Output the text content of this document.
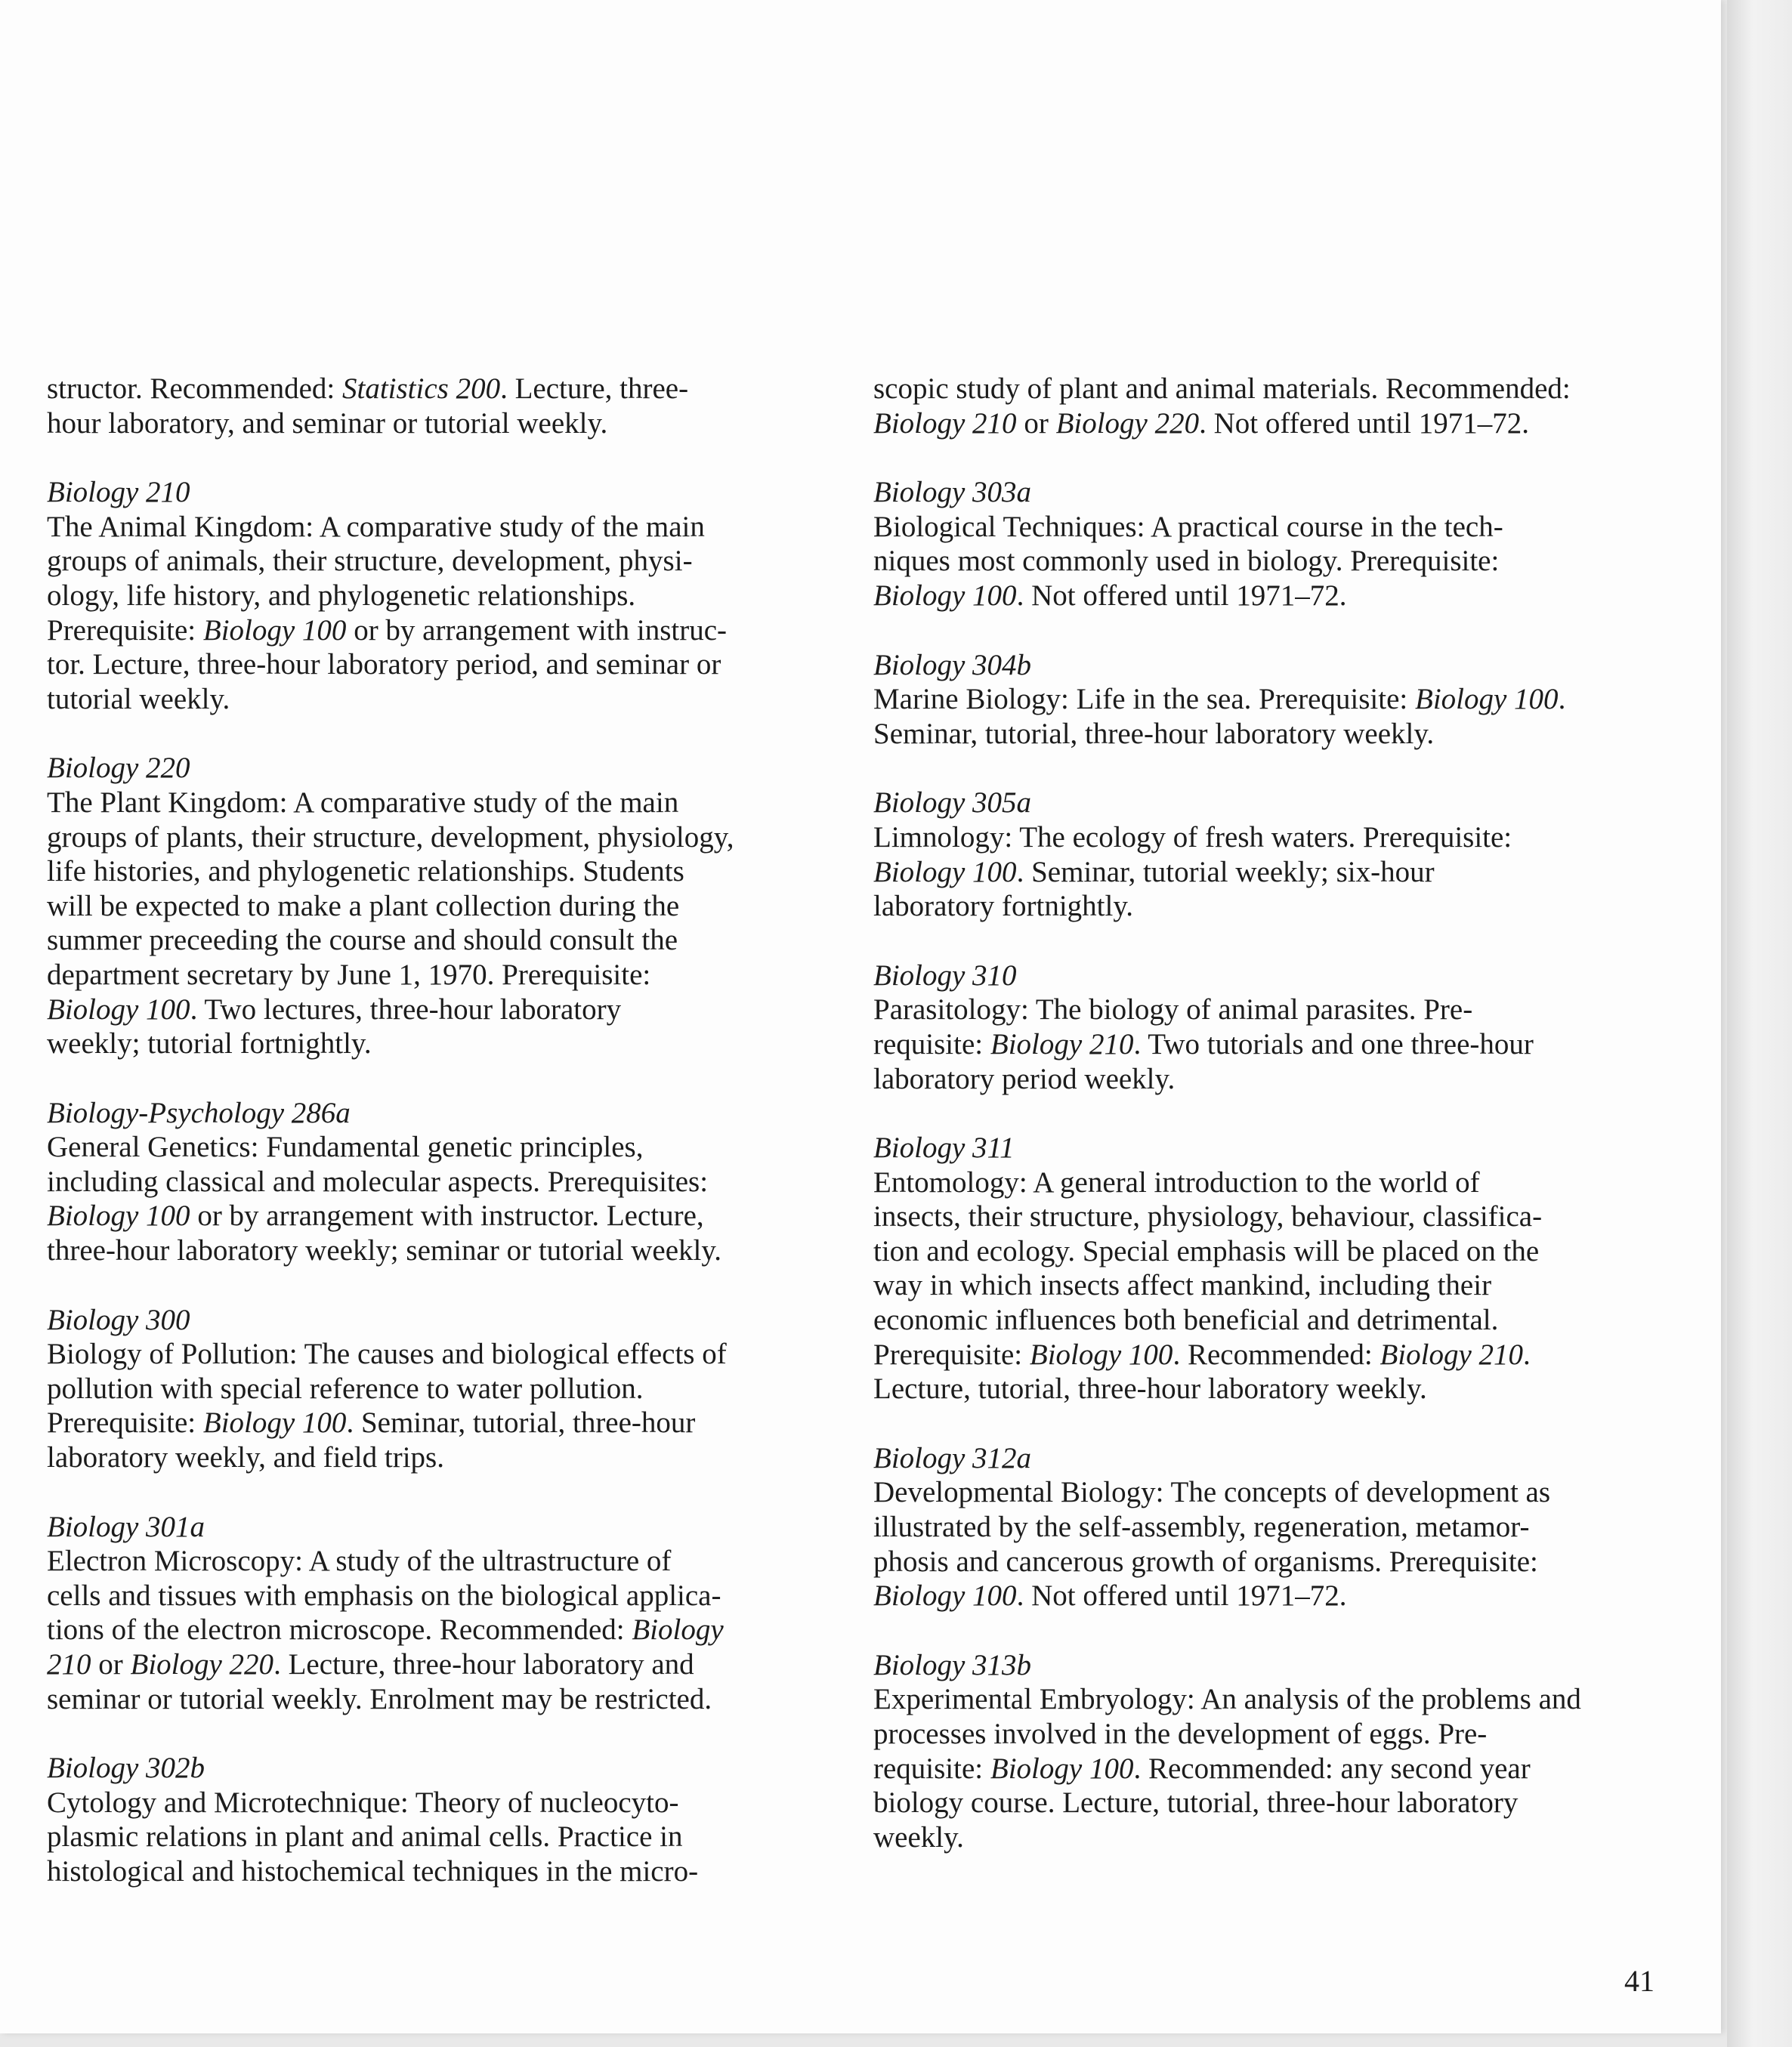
structor. Recommended: Statistics 200. Lecture, three-
hour laboratory, and seminar or tutorial weekly.
Biology 210
The Animal Kingdom: A comparative study of the main
groups of animals, their structure, development, physi-
ology, life history, and phylogenetic relationships.
Prerequisite: Biology 100 or by arrangement with instruc-
tor. Lecture, three-hour laboratory period, and seminar or
tutorial weekly.
Biology 220
The Plant Kingdom: A comparative study of the main
groups of plants, their structure, development, physiology,
life histories, and phylogenetic relationships. Students
will be expected to make a plant collection during the
summer preceeding the course and should consult the
department secretary by June 1, 1970. Prerequisite:
Biology 100. Two lectures, three-hour laboratory
weekly; tutorial fortnightly.
Biology-Psychology 286a
General Genetics: Fundamental genetic principles,
including classical and molecular aspects. Prerequisites:
Biology 100 or by arrangement with instructor. Lecture,
three-hour laboratory weekly; seminar or tutorial weekly.
Biology 300
Biology of Pollution: The causes and biological effects of
pollution with special reference to water pollution.
Prerequisite: Biology 100. Seminar, tutorial, three-hour
laboratory weekly, and field trips.
Biology 301a
Electron Microscopy: A study of the ultrastructure of
cells and tissues with emphasis on the biological applica-
tions of the electron microscope. Recommended: Biology
210 or Biology 220. Lecture, three-hour laboratory and
seminar or tutorial weekly. Enrolment may be restricted.
Biology 302b
Cytology and Microtechnique: Theory of nucleocyto-
plasmic relations in plant and animal cells. Practice in
histological and histochemical techniques in the micro-
scopic study of plant and animal materials. Recommended:
Biology 210 or Biology 220. Not offered until 1971–72.
Biology 303a
Biological Techniques: A practical course in the tech-
niques most commonly used in biology. Prerequisite:
Biology 100. Not offered until 1971–72.
Biology 304b
Marine Biology: Life in the sea. Prerequisite: Biology 100.
Seminar, tutorial, three-hour laboratory weekly.
Biology 305a
Limnology: The ecology of fresh waters. Prerequisite:
Biology 100. Seminar, tutorial weekly; six-hour
laboratory fortnightly.
Biology 310
Parasitology: The biology of animal parasites. Pre-
requisite: Biology 210. Two tutorials and one three-hour
laboratory period weekly.
Biology 311
Entomology: A general introduction to the world of
insects, their structure, physiology, behaviour, classifica-
tion and ecology. Special emphasis will be placed on the
way in which insects affect mankind, including their
economic influences both beneficial and detrimental.
Prerequisite: Biology 100. Recommended: Biology 210.
Lecture, tutorial, three-hour laboratory weekly.
Biology 312a
Developmental Biology: The concepts of development as
illustrated by the self-assembly, regeneration, metamor-
phosis and cancerous growth of organisms. Prerequisite:
Biology 100. Not offered until 1971–72.
Biology 313b
Experimental Embryology: An analysis of the problems and
processes involved in the development of eggs. Pre-
requisite: Biology 100. Recommended: any second year
biology course. Lecture, tutorial, three-hour laboratory
weekly.
41
